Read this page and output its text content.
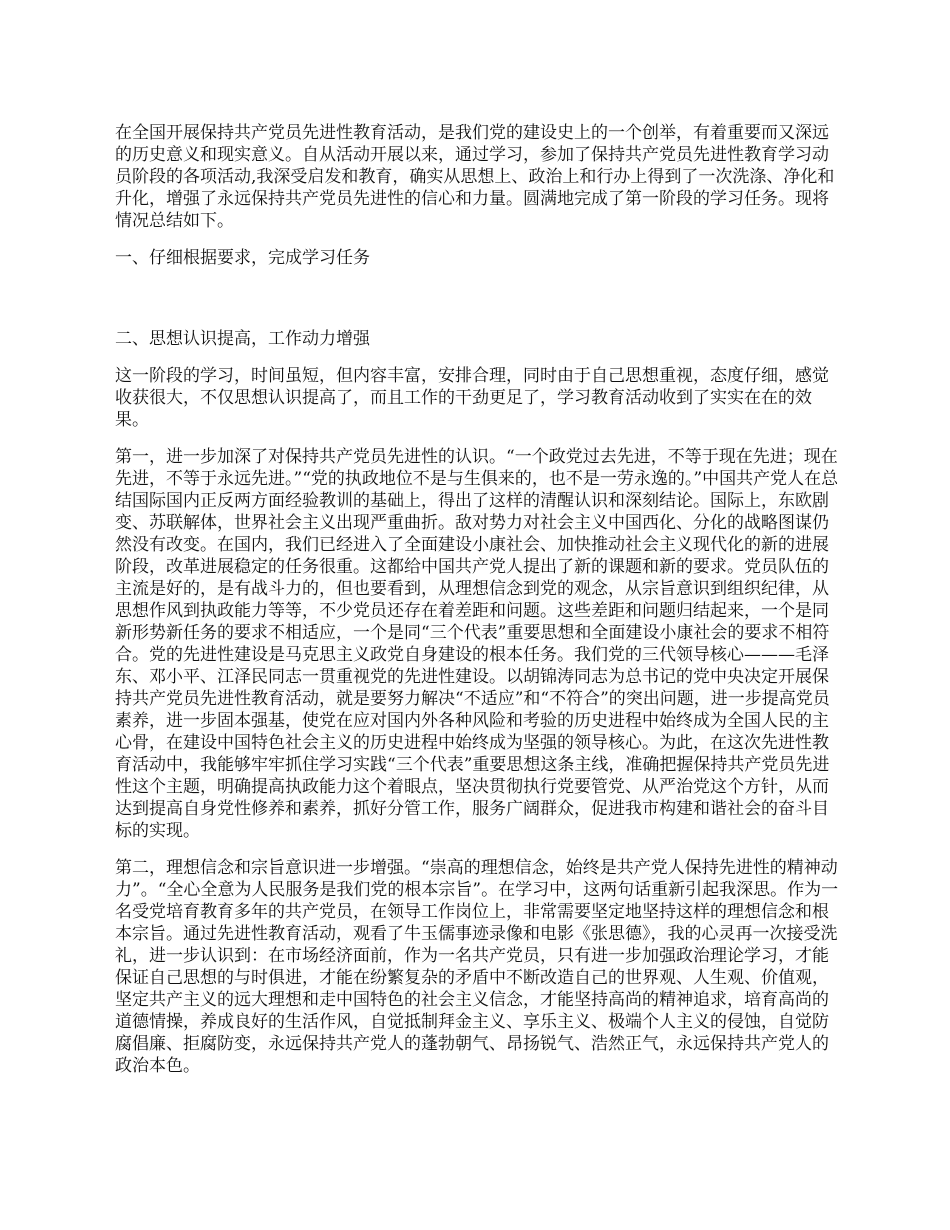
在全国开展保持共产党员先进性教育活动，是我们党的建设史上的一个创举，有着重要而又深远的历史意义和现实意义。自从活动开展以来，通过学习，参加了保持共产党员先进性教育学习动员阶段的各项活动,我深受启发和教育，确实从思想上、政治上和行办上得到了一次洗涤、净化和升化，增强了永远保持共产党员先进性的信心和力量。圆满地完成了第一阶段的学习任务。现将情况总结如下。

一、仔细根据要求，完成学习任务

二、思想认识提高，工作动力增强

这一阶段的学习，时间虽短，但内容丰富，安排合理，同时由于自己思想重视，态度仔细，感觉收获很大，不仅思想认识提高了，而且工作的干劲更足了，学习教育活动收到了实实在在的效果。

第一，进一步加深了对保持共产党员先进性的认识。“一个政党过去先进，不等于现在先进；现在先进，不等于永远先进。”“党的执政地位不是与生俱来的，也不是一劳永逸的。”中国共产党人在总结国际国内正反两方面经验教训的基础上，得出了这样的清醒认识和深刻结论。国际上，东欧剧变、苏联解体，世界社会主义出现严重曲折。敌对势力对社会主义中国西化、分化的战略图谋仍然没有改变。在国内，我们已经进入了全面建设小康社会、加快推动社会主义现代化的新的进展阶段，改革进展稳定的任务很重。这都给中国共产党人提出了新的课题和新的要求。党员队伍的主流是好的，是有战斗力的，但也要看到，从理想信念到党的观念，从宗旨意识到组织纪律，从思想作风到执政能力等等，不少党员还存在着差距和问题。这些差距和问题归结起来，一个是同新形势新任务的要求不相适应，一个是同“三个代表”重要思想和全面建设小康社会的要求不相符合。党的先进性建设是马克思主义政党自身建设的根本任务。我们党的三代领导核心———毛泽东、邓小平、江泽民同志一贯重视党的先进性建设。以胡锦涛同志为总书记的党中央决定开展保持共产党员先进性教育活动，就是要努力解决“不适应”和“不符合”的突出问题，进一步提高党员素养，进一步固本强基，使党在应对国内外各种风险和考验的历史进程中始终成为全国人民的主心骨，在建设中国特色社会主义的历史进程中始终成为坚强的领导核心。为此，在这次先进性教育活动中，我能够牢牢抓住学习实践“三个代表”重要思想这条主线，准确把握保持共产党员先进性这个主题，明确提高执政能力这个着眼点，坚决贯彻执行党要管党、从严治党这个方针，从而达到提高自身党性修养和素养，抓好分管工作，服务广阔群众，促进我市构建和谐社会的奋斗目标的实现。

第二，理想信念和宗旨意识进一步增强。“崇高的理想信念，始终是共产党人保持先进性的精神动力”。“全心全意为人民服务是我们党的根本宗旨”。在学习中，这两句话重新引起我深思。作为一名受党培育教育多年的共产党员，在领导工作岗位上，非常需要坚定地坚持这样的理想信念和根本宗旨。通过先进性教育活动，观看了牛玉儒事迹录像和电影《张思德》，我的心灵再一次接受洗礼，进一步认识到：在市场经济面前，作为一名共产党员，只有进一步加强政治理论学习，才能保证自己思想的与时俱进，才能在纷繁复杂的矛盾中不断改造自己的世界观、人生观、价值观，坚定共产主义的远大理想和走中国特色的社会主义信念，才能坚持高尚的精神追求，培育高尚的道德情操，养成良好的生活作风，自觉抵制拜金主义、享乐主义、极端个人主义的侵蚀，自觉防腐倡廉、拒腐防变，永远保持共产党人的蓬勃朝气、昂扬锐气、浩然正气，永远保持共产党人的政治本色。
